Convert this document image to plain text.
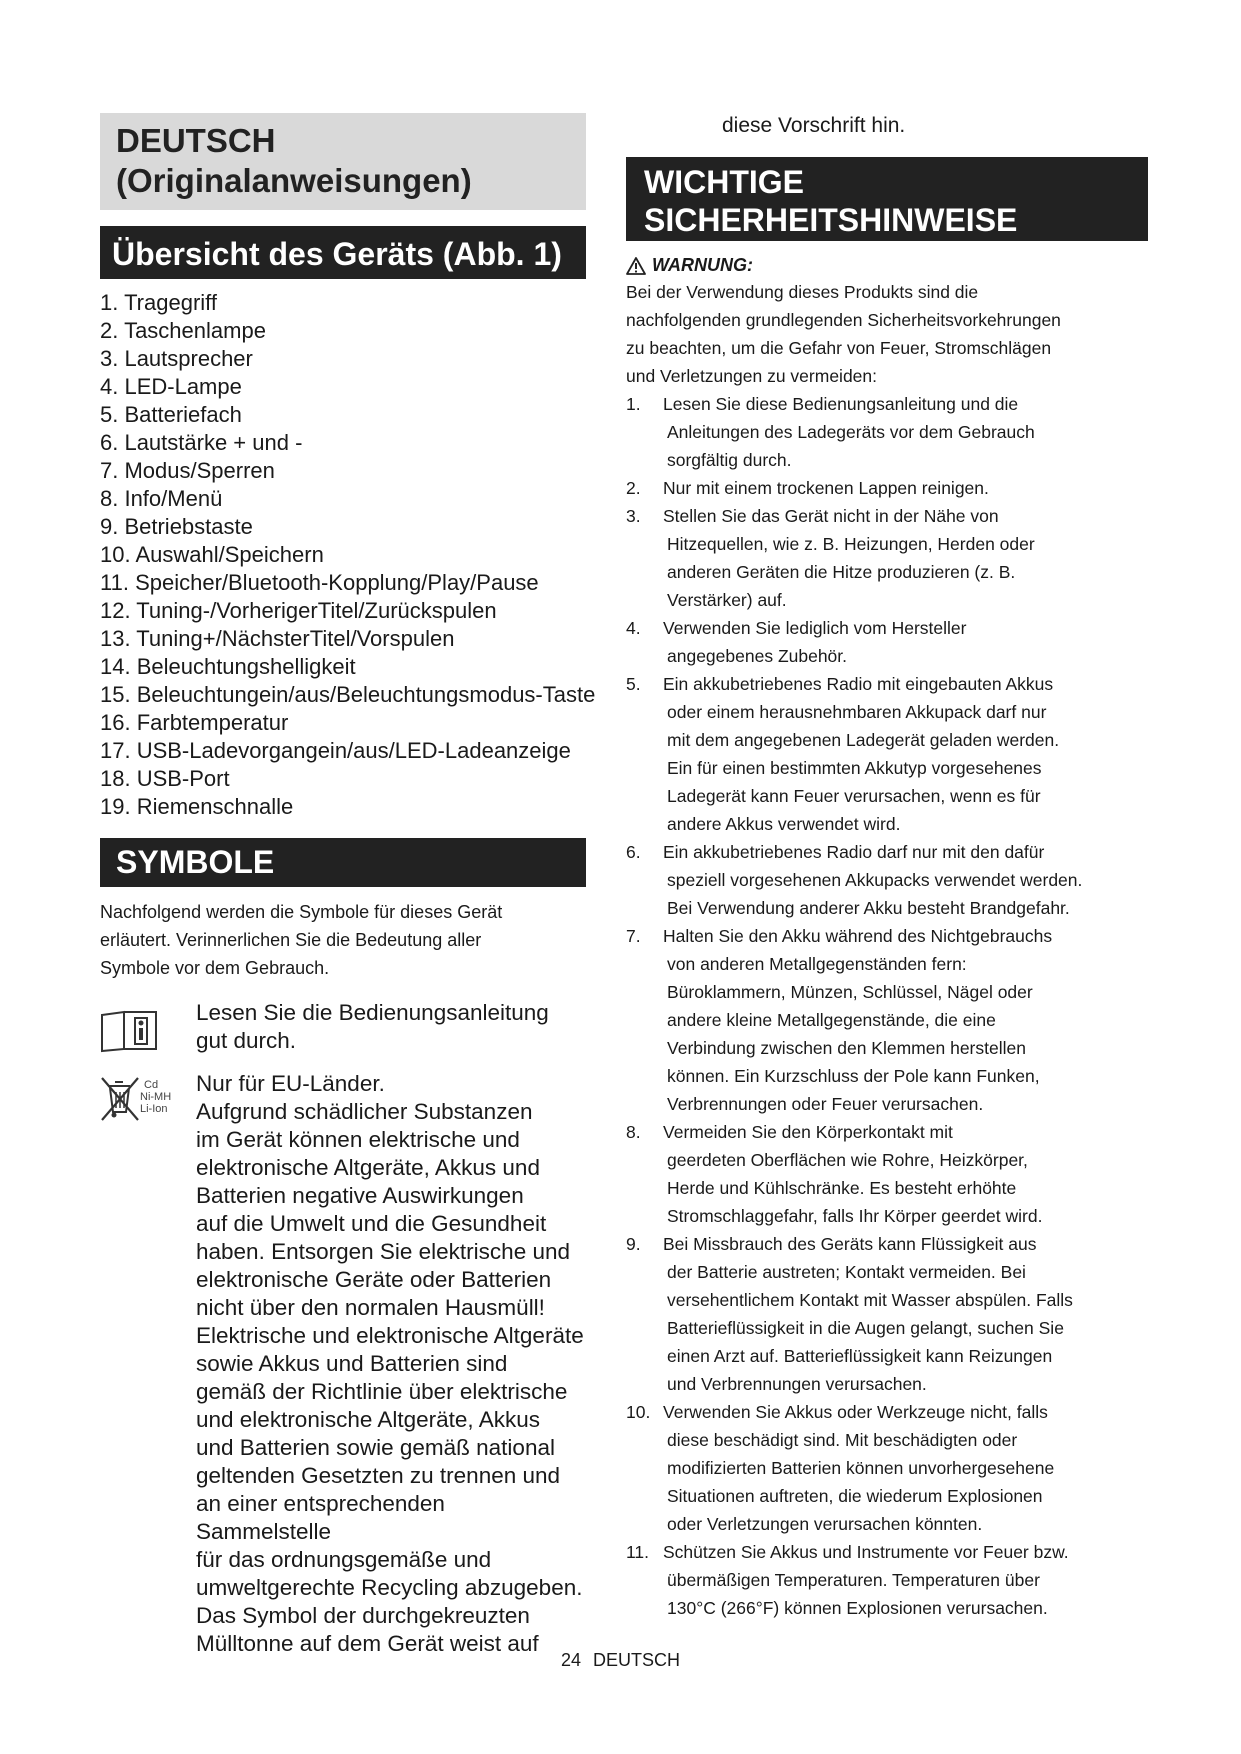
DEUTSCH
(Originalanweisungen)
Übersicht des Geräts (Abb. 1)
1. Tragegriff
2. Taschenlampe
3. Lautsprecher
4. LED-Lampe
5. Batteriefach
6. Lautstärke + und -
7. Modus/Sperren
8. Info/Menü
9. Betriebstaste
10. Auswahl/Speichern
11. Speicher/Bluetooth-Kopplung/Play/Pause
12. Tuning-/VorherigerTitel/Zurückspulen
13. Tuning+/NächsterTitel/Vorspulen
14. Beleuchtungshelligkeit
15. Beleuchtungein/aus/Beleuchtungsmodus-Taste
16. Farbtemperatur
17. USB-Ladevorgangein/aus/LED-Ladeanzeige
18. USB-Port
19. Riemenschnalle
SYMBOLE
Nachfolgend werden die Symbole für dieses Gerät
erläutert. Verinnerlichen Sie die Bedeutung aller
Symbole vor dem Gebrauch.
Lesen Sie die Bedienungsanleitung
gut durch.
Cd
Ni-MH
Li-Ion
Nur für EU-Länder.
Aufgrund schädlicher Substanzen
im Gerät können elektrische und
elektronische Altgeräte, Akkus und
Batterien negative Auswirkungen
auf die Umwelt und die Gesundheit
haben. Entsorgen Sie elektrische und
elektronische Geräte oder Batterien
nicht über den normalen Hausmüll!
Elektrische und elektronische Altgeräte
sowie Akkus und Batterien sind
gemäß der Richtlinie über elektrische
und elektronische Altgeräte, Akkus
und Batterien sowie gemäß national
geltenden Gesetzten zu trennen und
an einer entsprechenden Sammelstelle
für das ordnungsgemäße und
umweltgerechte Recycling abzugeben.
Das Symbol der durchgekreuzten
Mülltonne auf dem Gerät weist auf
diese Vorschrift hin.
WICHTIGE
SICHERHEITSHINWEISE
WARNUNG:
Bei der Verwendung dieses Produkts sind die
nachfolgenden grundlegenden Sicherheitsvorkehrungen
zu beachten, um die Gefahr von Feuer, Stromschlägen
und Verletzungen zu vermeiden:
1. Lesen Sie diese Bedienungsanleitung und die
Anleitungen des Ladegeräts vor dem Gebrauch
sorgfältig durch.
2. Nur mit einem trockenen Lappen reinigen.
3. Stellen Sie das Gerät nicht in der Nähe von
Hitzequellen, wie z. B. Heizungen, Herden oder
anderen Geräten die Hitze produzieren (z. B.
Verstärker) auf.
4. Verwenden Sie lediglich vom Hersteller
angegebenes Zubehör.
5. Ein akkubetriebenes Radio mit eingebauten Akkus
oder einem herausnehmbaren Akkupack darf nur
mit dem angegebenen Ladegerät geladen werden.
Ein für einen bestimmten Akkutyp vorgesehenes
Ladegerät kann Feuer verursachen, wenn es für
andere Akkus verwendet wird.
6. Ein akkubetriebenes Radio darf nur mit den dafür
speziell vorgesehenen Akkupacks verwendet werden.
Bei Verwendung anderer Akku besteht Brandgefahr.
7. Halten Sie den Akku während des Nichtgebrauchs
von anderen Metallgegenständen fern:
Büroklammern, Münzen, Schlüssel, Nägel oder
andere kleine Metallgegenstände, die eine
Verbindung zwischen den Klemmen herstellen
können. Ein Kurzschluss der Pole kann Funken,
Verbrennungen oder Feuer verursachen.
8. Vermeiden Sie den Körperkontakt mit
geerdeten Oberflächen wie Rohre, Heizkörper,
Herde und Kühlschränke. Es besteht erhöhte
Stromschlaggefahr, falls Ihr Körper geerdet wird.
9. Bei Missbrauch des Geräts kann Flüssigkeit aus
der Batterie austreten; Kontakt vermeiden. Bei
versehentlichem Kontakt mit Wasser abspülen. Falls
Batterieflüssigkeit in die Augen gelangt, suchen Sie
einen Arzt auf. Batterieflüssigkeit kann Reizungen
und Verbrennungen verursachen.
10. Verwenden Sie Akkus oder Werkzeuge nicht, falls
diese beschädigt sind. Mit beschädigten oder
modifizierten Batterien können unvorhergesehene
Situationen auftreten, die wiederum Explosionen
oder Verletzungen verursachen könnten.
11. Schützen Sie Akkus und Instrumente vor Feuer bzw.
übermäßigen Temperaturen. Temperaturen über
130°C (266°F) können Explosionen verursachen.
24 DEUTSCH
